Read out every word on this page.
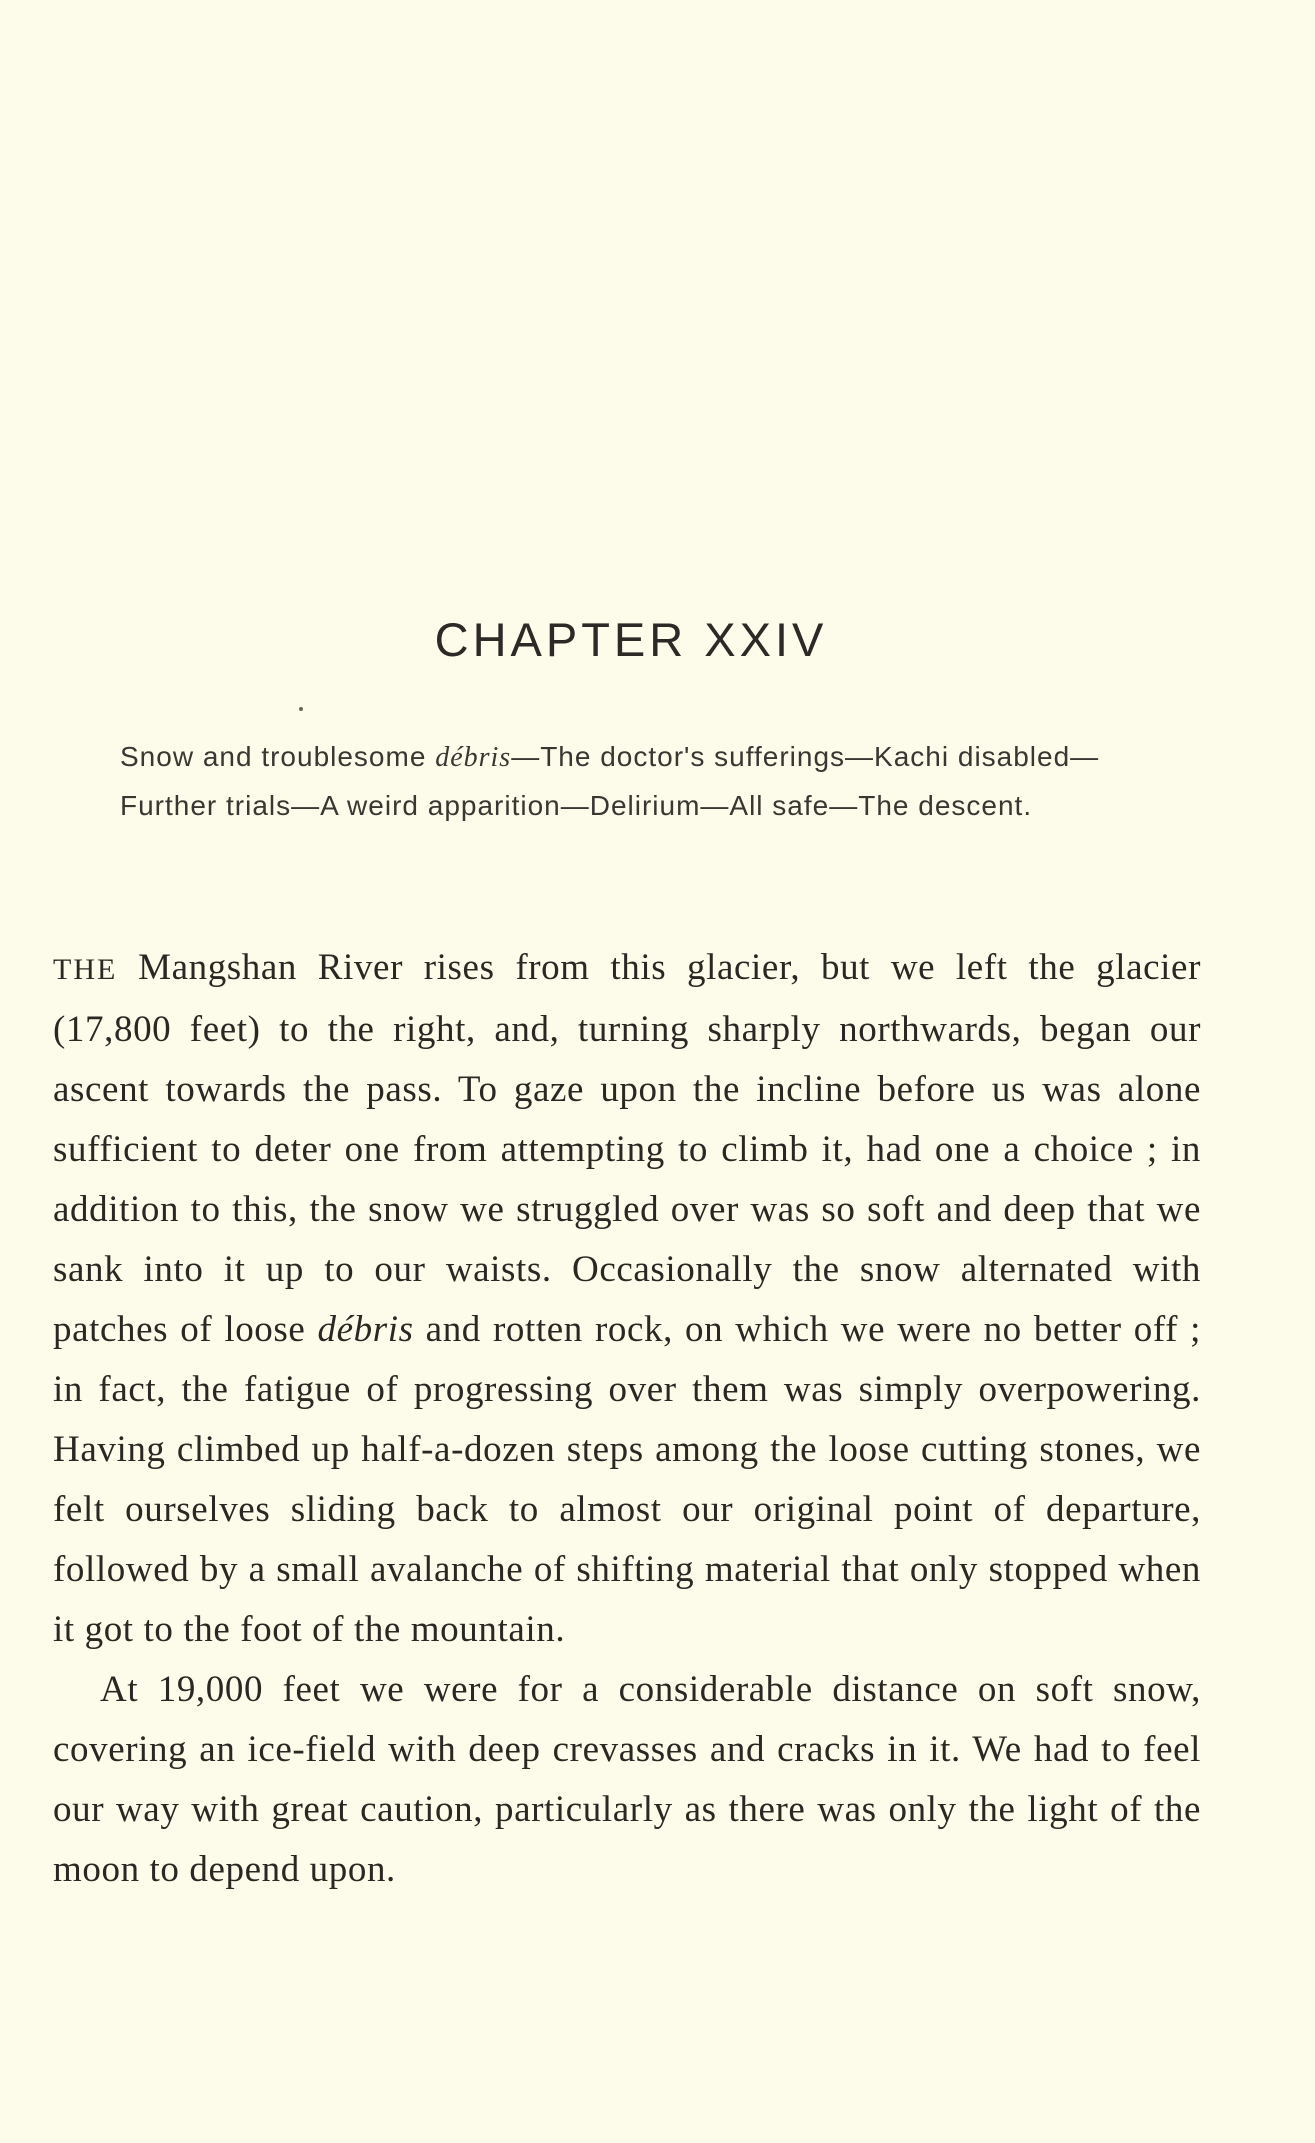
CHAPTER XXIV

Snow and troublesome débris—The doctor's sufferings—Kachi disabled—Further trials—A weird apparition—Delirium—All safe—The descent.

THE Mangshan River rises from this glacier, but we left the glacier (17,800 feet) to the right, and, turning sharply northwards, began our ascent towards the pass. To gaze upon the incline before us was alone sufficient to deter one from attempting to climb it, had one a choice ; in addition to this, the snow we struggled over was so soft and deep that we sank into it up to our waists. Occasionally the snow alternated with patches of loose débris and rotten rock, on which we were no better off ; in fact, the fatigue of progressing over them was simply overpowering. Having climbed up half-a-dozen steps among the loose cutting stones, we felt ourselves sliding back to almost our original point of departure, followed by a small avalanche of shifting material that only stopped when it got to the foot of the mountain.

At 19,000 feet we were for a considerable distance on soft snow, covering an ice-field with deep crevasses and cracks in it. We had to feel our way with great caution, particularly as there was only the light of the moon to depend upon.
